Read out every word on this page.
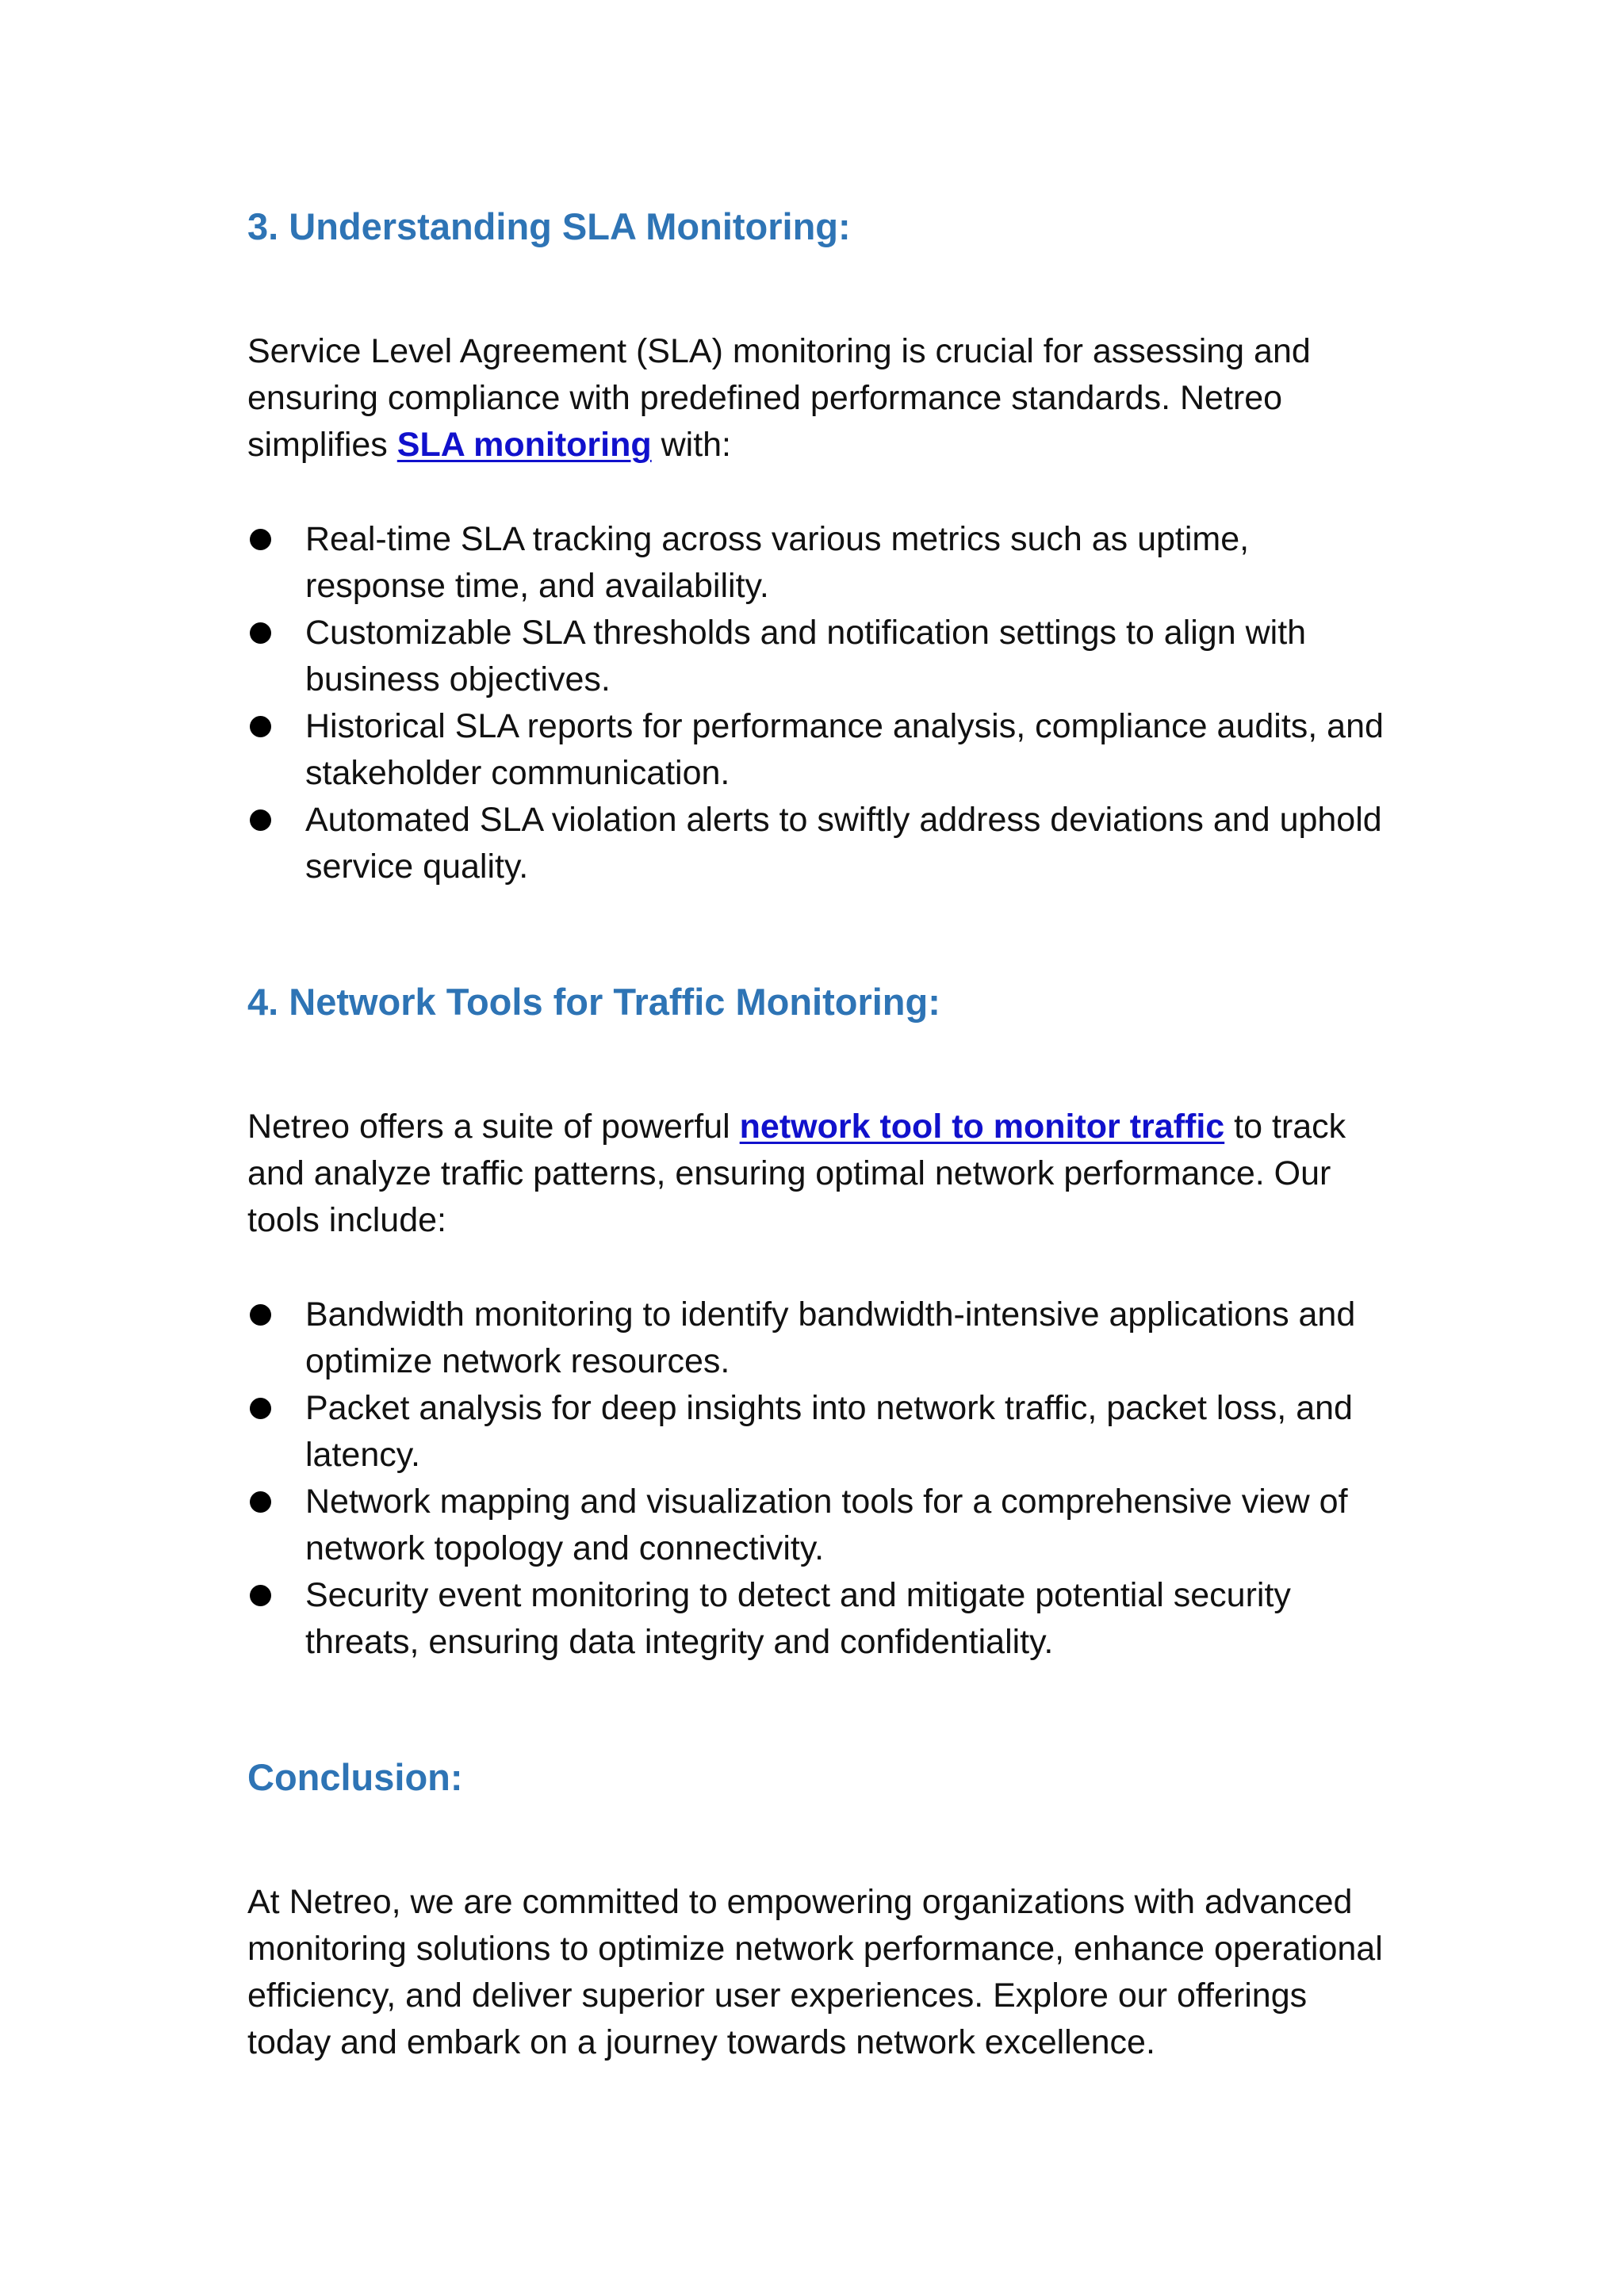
3. Understanding SLA Monitoring:

Service Level Agreement (SLA) monitoring is crucial for assessing and ensuring compliance with predefined performance standards. Netreo simplifies SLA monitoring with:

Real-time SLA tracking across various metrics such as uptime, response time, and availability.
Customizable SLA thresholds and notification settings to align with business objectives.
Historical SLA reports for performance analysis, compliance audits, and stakeholder communication.
Automated SLA violation alerts to swiftly address deviations and uphold service quality.
4. Network Tools for Traffic Monitoring:

Netreo offers a suite of powerful network tool to monitor traffic to track and analyze traffic patterns, ensuring optimal network performance. Our tools include:

Bandwidth monitoring to identify bandwidth-intensive applications and optimize network resources.
Packet analysis for deep insights into network traffic, packet loss, and latency.
Network mapping and visualization tools for a comprehensive view of network topology and connectivity.
Security event monitoring to detect and mitigate potential security threats, ensuring data integrity and confidentiality.
Conclusion:

At Netreo, we are committed to empowering organizations with advanced monitoring solutions to optimize network performance, enhance operational efficiency, and deliver superior user experiences. Explore our offerings today and embark on a journey towards network excellence.
